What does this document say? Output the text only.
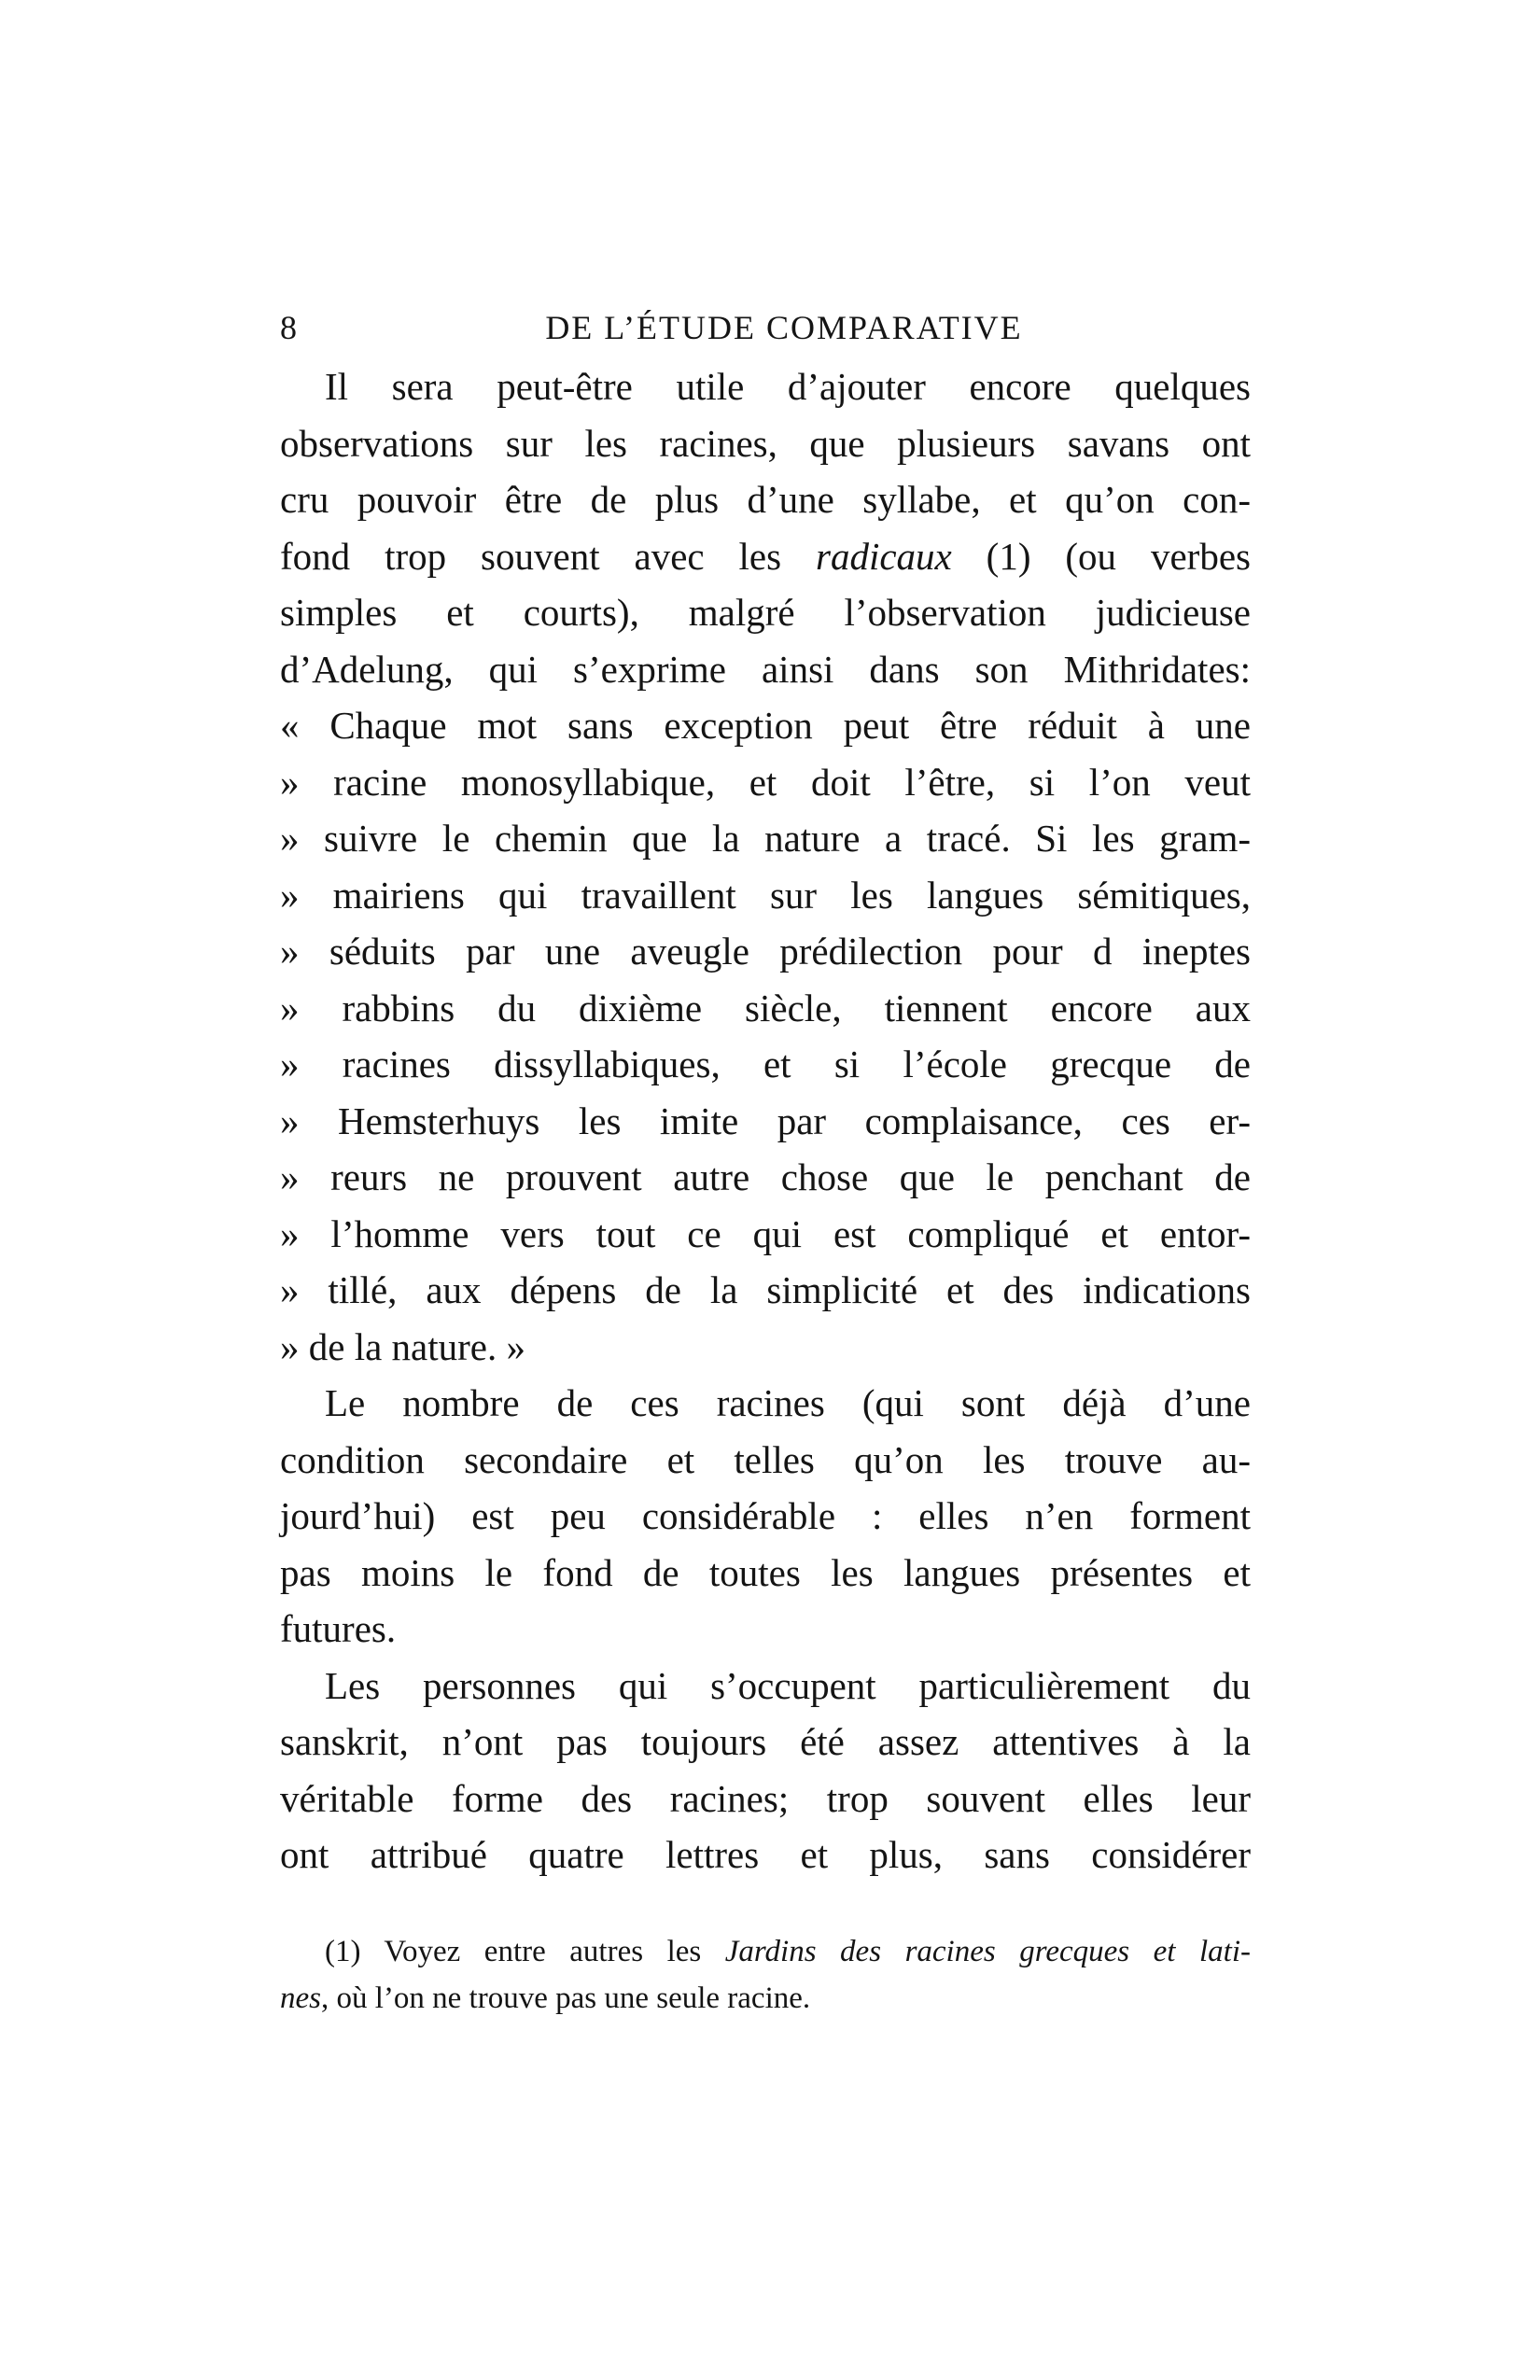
8	DE L’ÉTUDE COMPARATIVE
Il sera peut-être utile d’ajouter encore quelques
observations sur les racines, que plusieurs savans ont
cru pouvoir être de plus d’une syllabe, et qu’on con-
fond trop souvent avec les radicaux (1) (ou verbes
simples et courts), malgré l’observation judicieuse
d’Adelung, qui s’exprime ainsi dans son Mithridates:
« Chaque mot sans exception peut être réduit à une
» racine monosyllabique, et doit l’être, si l’on veut
» suivre le chemin que la nature a tracé. Si les gram-
» mairiens qui travaillent sur les langues sémitiques,
» séduits par une aveugle prédilection pour d ineptes
» rabbins du dixième siècle, tiennent encore aux
» racines dissyllabiques, et si l’école grecque de
» Hemsterhuys les imite par complaisance, ces er-
» reurs ne prouvent autre chose que le penchant de
» l’homme vers tout ce qui est compliqué et entor-
» tillé, aux dépens de la simplicité et des indications
» de la nature. »
Le nombre de ces racines (qui sont déjà d’une
condition secondaire et telles qu’on les trouve au-
jourd’hui) est peu considérable : elles n’en forment
pas moins le fond de toutes les langues présentes et
futures.
Les personnes qui s’occupent particulièrement du
sanskrit, n’ont pas toujours été assez attentives à la
véritable forme des racines; trop souvent elles leur
ont attribué quatre lettres et plus, sans considérer
(1) Voyez entre autres les Jardins des racines grecques et lati-
nes, où l’on ne trouve pas une seule racine.
